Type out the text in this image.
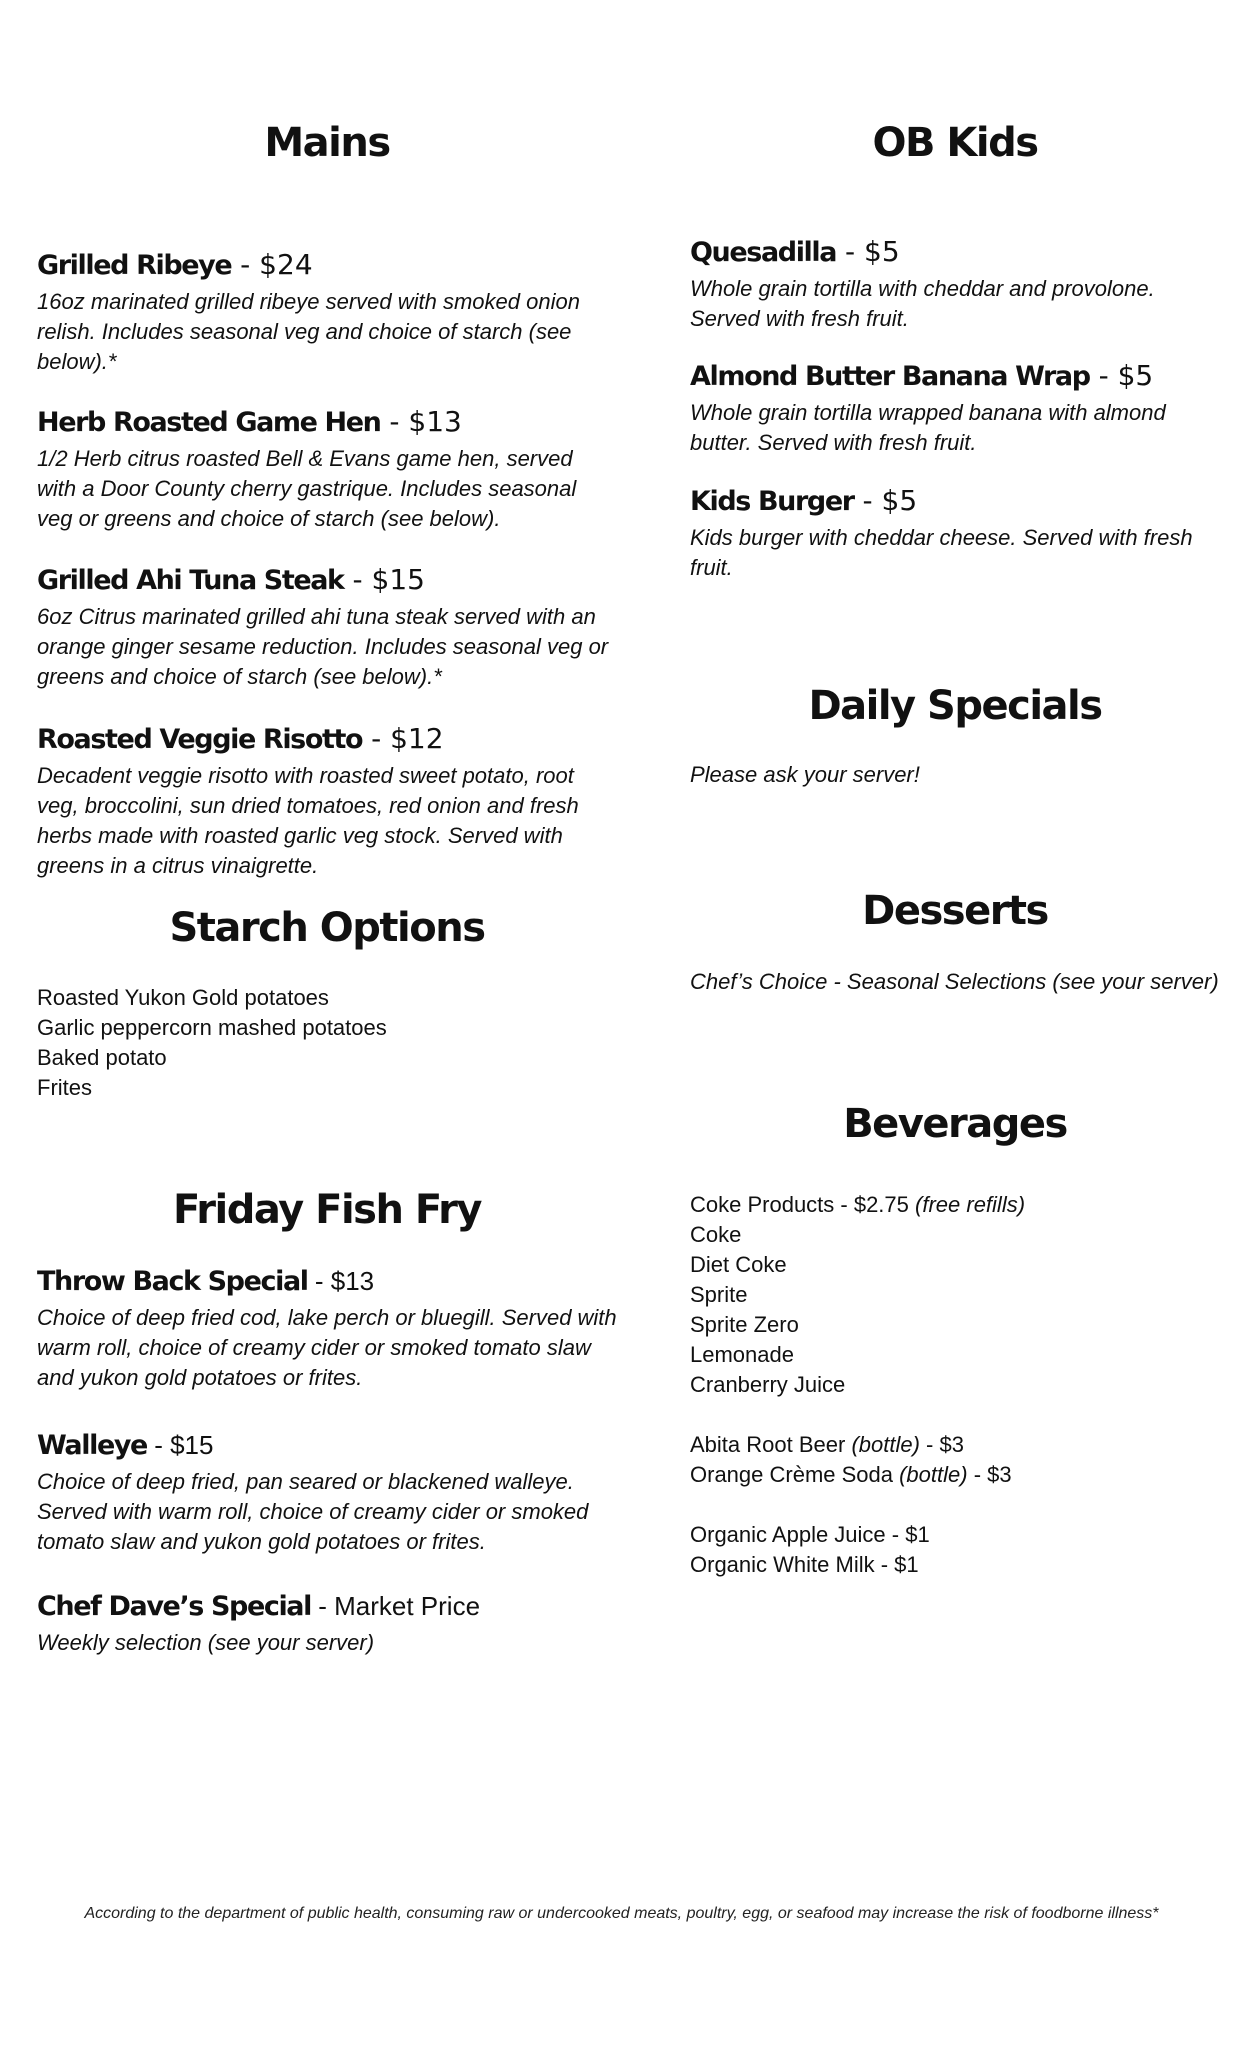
Mains
Grilled Ribeye - $24

16oz marinated grilled ribeye served with smoked onion relish. Includes seasonal veg and choice of starch (see below).*

Herb Roasted Game Hen - $13

1/2 Herb citrus roasted Bell & Evans game hen, served with a Door County cherry gastrique. Includes seasonal veg or greens and choice of starch (see below).

Grilled Ahi Tuna Steak - $15

6oz Citrus marinated grilled ahi tuna steak served with an orange ginger sesame reduction. Includes seasonal veg or greens and choice of starch (see below).*

Roasted Veggie Risotto - $12

Decadent veggie risotto with roasted sweet potato, root veg, broccolini, sun dried tomatoes, red onion and fresh herbs made with roasted garlic veg stock. Served with greens in a citrus vinaigrette.

Starch Options
Roasted Yukon Gold potatoes
Garlic peppercorn mashed potatoes
Baked potato
Frites
Friday Fish Fry
Throw Back Special - $13

Choice of deep fried cod, lake perch or bluegill. Served with warm roll, choice of creamy cider or smoked tomato slaw and yukon gold potatoes or frites.

Walleye - $15

Choice of deep fried, pan seared or blackened walleye. Served with warm roll, choice of creamy cider or smoked tomato slaw and yukon gold potatoes or frites.

Chef Dave’s Special - Market Price

Weekly selection (see your server)

OB Kids
Quesadilla - $5

Whole grain tortilla with cheddar and provolone. Served with fresh fruit.

Almond Butter Banana Wrap - $5

Whole grain tortilla wrapped banana with almond butter. Served with fresh fruit.

Kids Burger - $5

Kids burger with cheddar cheese. Served with fresh fruit.

Daily Specials
Please ask your server!
Desserts
Chef’s Choice - Seasonal Selections (see your server)
Beverages
Coke Products - $2.75 (free refills)
Coke
Diet Coke
Sprite
Sprite Zero
Lemonade
Cranberry Juice
Abita Root Beer (bottle) - $3
Orange Crème Soda (bottle) - $3
Organic Apple Juice - $1
Organic White Milk - $1
According to the department of public health, consuming raw or undercooked meats, poultry, egg, or seafood may increase the risk of foodborne illness*
